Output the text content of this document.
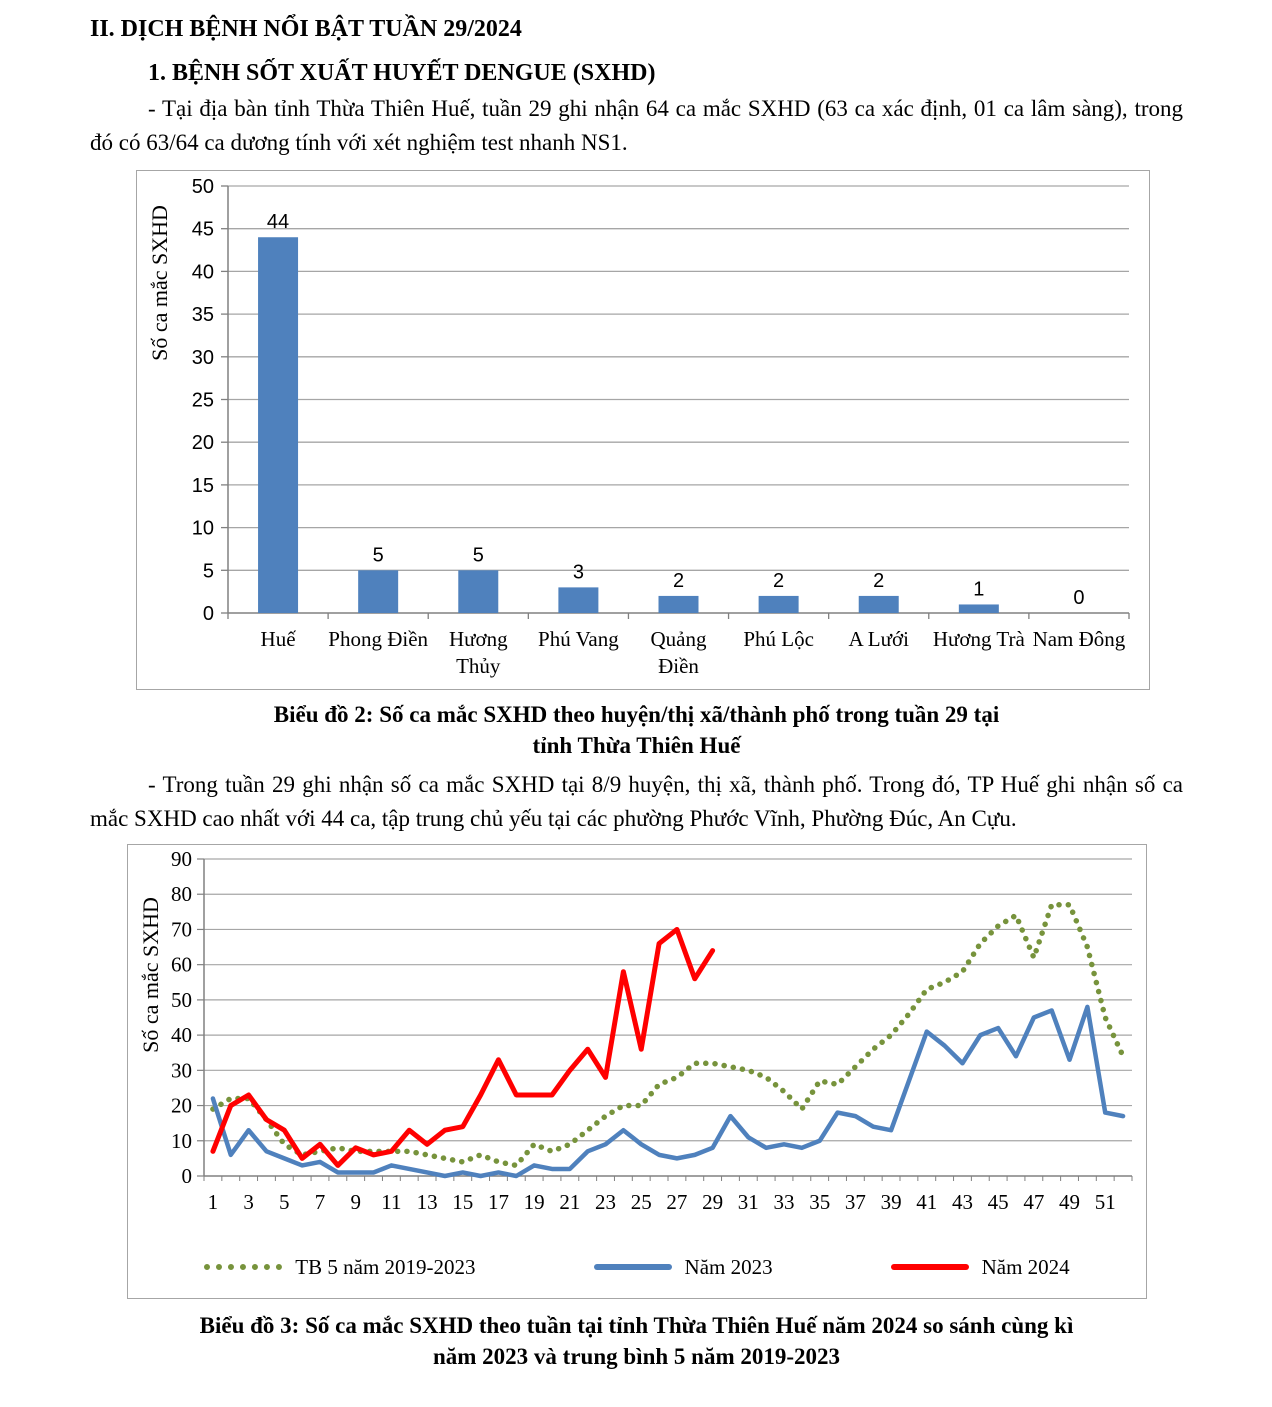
II. DỊCH BỆNH NỔI BẬT TUẦN 29/2024
1. BỆNH SỐT XUẤT HUYẾT DENGUE (SXHD)

- Tại địa bàn tỉnh Thừa Thiên Huế, tuần 29 ghi nhận 64 ca mắc SXHD (63 ca xác định, 01 ca lâm sàng), trong đó có 63/64 ca dương tính với xét nghiệm test nhanh NS1.

0
5
10
15
20
25
30
35
40
45
50
44
Huế
5
Phong Điền
5
Hương
Thủy
3
Phú Vang
2
Quảng
Điền
2
Phú Lộc
2
A Lưới
1
Hương Trà
0
Nam Đông
Số ca mắc SXHD
Biểu đồ 2: Số ca mắc SXHD theo huyện/thị xã/thành phố trong tuần 29 tại
tỉnh Thừa Thiên Huế

- Trong tuần 29 ghi nhận số ca mắc SXHD tại 8/9 huyện, thị xã, thành phố. Trong đó, TP Huế ghi nhận số ca mắc SXHD cao nhất với 44 ca, tập trung chủ yếu tại các phường Phước Vĩnh, Phường Đúc, An Cựu.

0
10
20
30
40
50
60
70
80
90
1 3 5 7 9 11 13 15 17 19 21 23 25 27 29 31 33 35 37 39 41 43 45 47 49 51
Số ca mắc SXHD
TB 5 năm 2019-2023	Năm 2023	Năm 2024
Biểu đồ 3: Số ca mắc SXHD theo tuần tại tỉnh Thừa Thiên Huế năm 2024 so sánh cùng kì
năm 2023 và trung bình 5 năm 2019-2023
